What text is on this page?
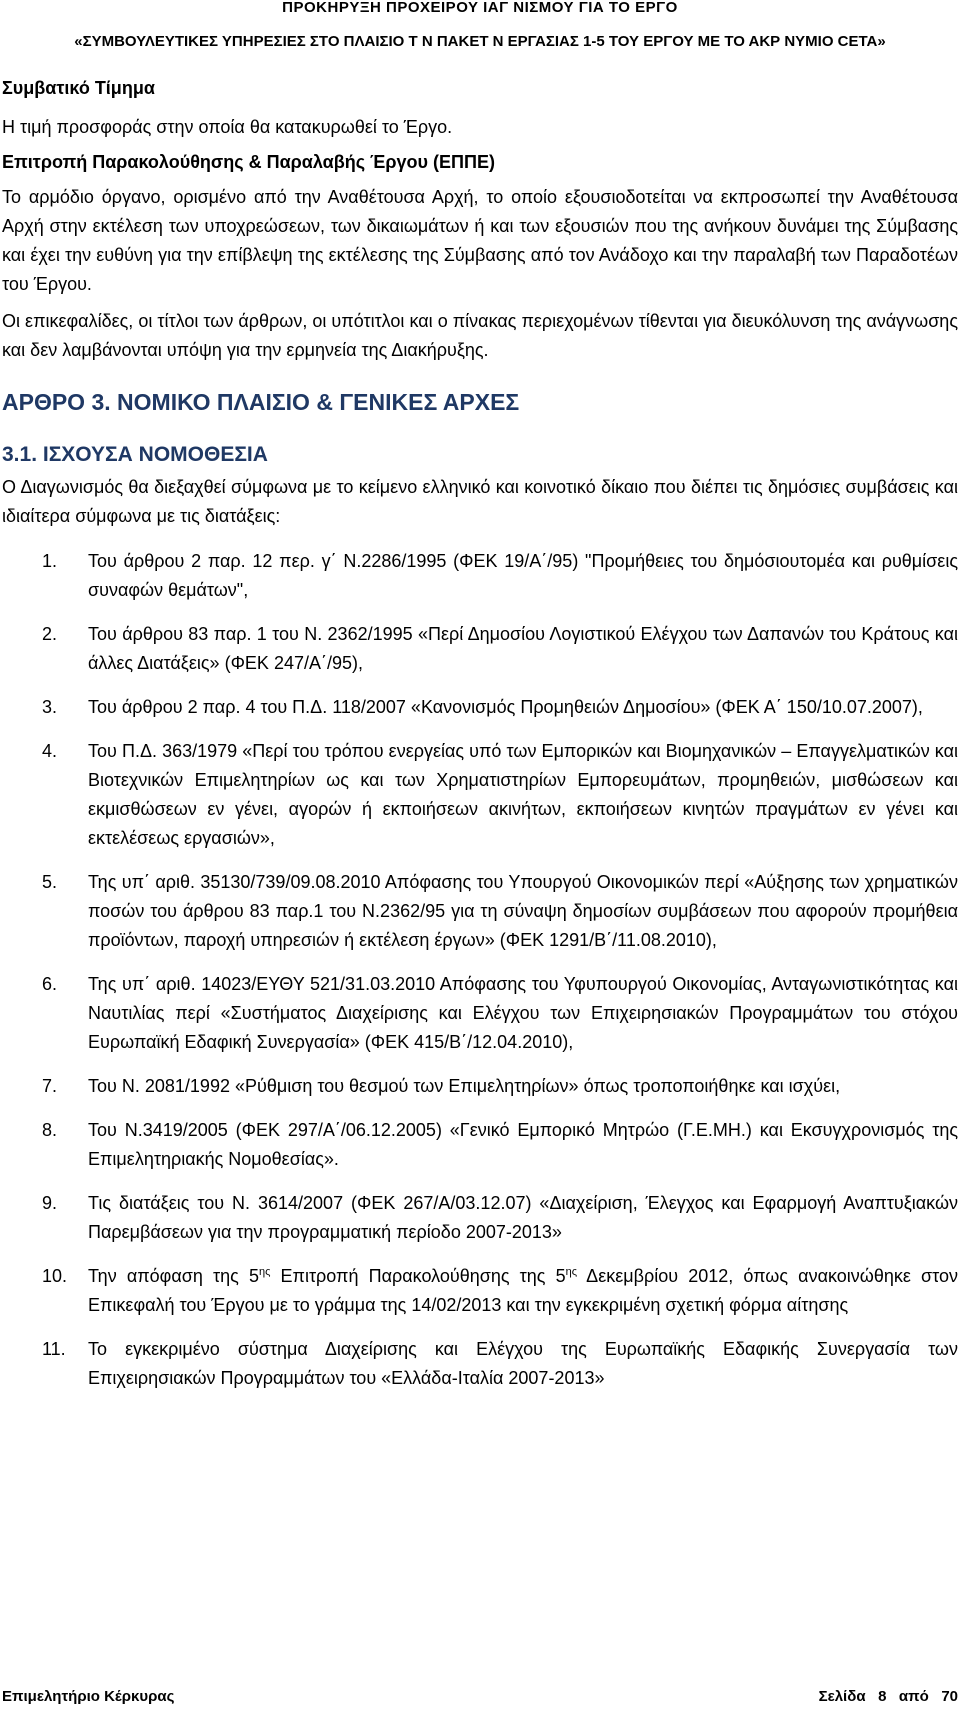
ΠΡΟΚΗΡΥΞΗ ΠΡΟΧΕΙΡΟΥ ΙΑΓ ΝΙΣΜΟΥ ΓΙΑ ΤΟ ΕΡΓΟ
«ΣΥΜΒΟΥΛΕΥΤΙΚΕΣ ΥΠΗΡΕΣΙΕΣ ΣΤΟ ΠΛΑΙΣΙΟ Τ Ν ΠΑΚΕΤ Ν ΕΡΓΑΣΙΑΣ 1-5 ΤΟΥ ΕΡΓΟΥ ΜΕ ΤΟ ΑΚΡ ΝΥΜΙΟ CETA»

Συμβατικό Τίμημα

Η τιμή προσφοράς στην οποία θα κατακυρωθεί το Έργο.

Επιτροπή Παρακολούθησης & Παραλαβής Έργου (ΕΠΠΕ)

Το αρμόδιο όργανο, ορισμένο από την Αναθέτουσα Αρχή, το οποίο εξουσιοδοτείται να εκπροσωπεί την Αναθέτουσα Αρχή στην εκτέλεση των υποχρεώσεων, των δικαιωμάτων ή και των εξουσιών που της ανήκουν δυνάμει της Σύμβασης και έχει την ευθύνη για την επίβλεψη της εκτέλεσης της Σύμβασης από τον Ανάδοχο και την παραλαβή των Παραδοτέων του Έργου.

Οι επικεφαλίδες, οι τίτλοι των άρθρων, οι υπότιτλοι και ο πίνακας περιεχομένων τίθενται για διευκόλυνση της ανάγνωσης και δεν λαμβάνονται υπόψη για την ερμηνεία της Διακήρυξης.

ΑΡΘΡΟ 3. ΝΟΜΙΚΟ ΠΛΑΙΣΙΟ & ΓΕΝΙΚΕΣ ΑΡΧΕΣ

3.1. ΙΣΧΟΥΣΑ ΝΟΜΟΘΕΣΙΑ

Ο Διαγωνισμός θα διεξαχθεί σύμφωνα με το κείμενο ελληνικό και κοινοτικό δίκαιο που διέπει τις δημόσιες συμβάσεις και ιδιαίτερα σύμφωνα με τις διατάξεις:

1. Του άρθρου 2 παρ. 12 περ. γ΄ Ν.2286/1995 (ΦΕΚ 19/Α΄/95) "Προμήθειες του δημόσιουτομέα και ρυθμίσεις συναφών θεμάτων",
2. Του άρθρου 83 παρ. 1 του Ν. 2362/1995 «Περί Δημοσίου Λογιστικού Ελέγχου των Δαπανών του Κράτους και άλλες Διατάξεις» (ΦΕΚ 247/Α΄/95),
3. Του άρθρου 2 παρ. 4 του Π.Δ. 118/2007 «Κανονισμός Προμηθειών Δημοσίου» (ΦΕΚ Α΄ 150/10.07.2007),
4. Του Π.Δ. 363/1979 «Περί του τρόπου ενεργείας υπό των Εμπορικών και Βιομηχανικών – Επαγγελματικών και Βιοτεχνικών Επιμελητηρίων ως και των Χρηματιστηρίων Εμπορευμάτων, προμηθειών, μισθώσεων και εκμισθώσεων εν γένει, αγορών ή εκποιήσεων ακινήτων, εκποιήσεων κινητών πραγμάτων εν γένει και εκτελέσεως εργασιών»,
5. Της υπ΄ αριθ. 35130/739/09.08.2010 Απόφασης του Υπουργού Οικονομικών περί «Αύξησης των χρηματικών ποσών του άρθρου 83 παρ.1 του Ν.2362/95 για τη σύναψη δημοσίων συμβάσεων που αφορούν προμήθεια προϊόντων, παροχή υπηρεσιών ή εκτέλεση έργων» (ΦΕΚ 1291/Β΄/11.08.2010),
6. Της υπ΄ αριθ. 14023/ΕΥΘΥ 521/31.03.2010 Απόφασης του Υφυπουργού Οικονομίας, Ανταγωνιστικότητας και Ναυτιλίας περί «Συστήματος Διαχείρισης και Ελέγχου των Επιχειρησιακών Προγραμμάτων του στόχου Ευρωπαϊκή Εδαφική Συνεργασία» (ΦΕΚ 415/Β΄/12.04.2010),
7. Του Ν. 2081/1992 «Ρύθμιση του θεσμού των Επιμελητηρίων» όπως τροποποιήθηκε και ισχύει,
8. Του Ν.3419/2005 (ΦΕΚ 297/Α΄/06.12.2005) «Γενικό Εμπορικό Μητρώο (Γ.Ε.ΜΗ.) και Εκσυγχρονισμός της Επιμελητηριακής Νομοθεσίας».
9. Τις διατάξεις του Ν. 3614/2007 (ΦΕΚ 267/Α/03.12.07) «Διαχείριση, Έλεγχος και Εφαρμογή Αναπτυξιακών Παρεμβάσεων για την προγραμματική περίοδο 2007-2013»
10. Την απόφαση της $5^{\eta\varsigma}$ Επιτροπή Παρακολούθησης της $5^{\eta\varsigma}$ Δεκεμβρίου 2012, όπως ανακοινώθηκε στον Επικεφαλή του Έργου με το γράμμα της 14/02/2013 και την εγκεκριμένη σχετική φόρμα αίτησης
11. Το εγκεκριμένο σύστημα Διαχείρισης και Ελέγχου της Ευρωπαϊκής Εδαφικής Συνεργασία των Επιχειρησιακών Προγραμμάτων του «Ελλάδα-Ιταλία 2007-2013»
Επιμελητήριο Κέρκυρας	Σελίδα 8 από 70
